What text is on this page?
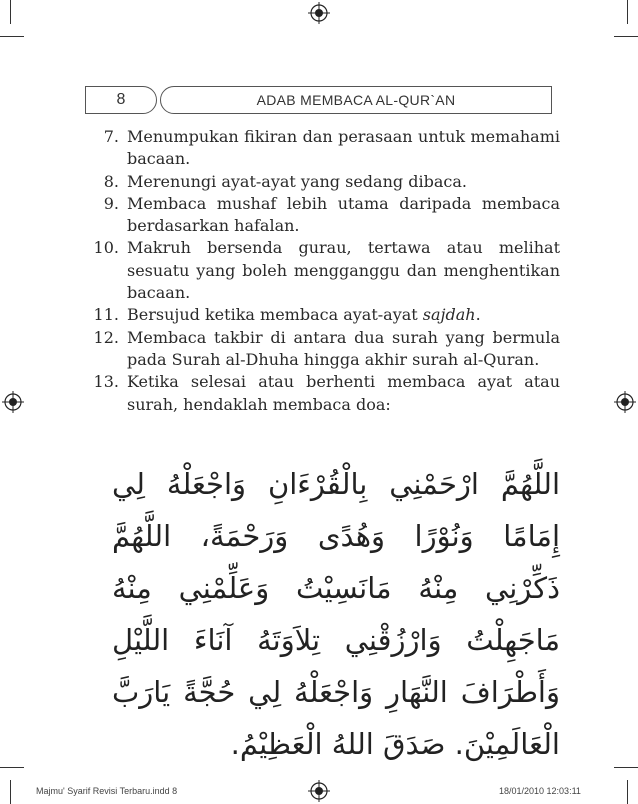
8	ADAB MEMBACA AL-QUR`AN
7. Menumpukan fikiran dan perasaan untuk memahami bacaan.
8. Merenungi ayat-ayat yang sedang dibaca.
9. Membaca mushaf lebih utama daripada membaca berdasarkan hafalan.
10. Makruh bersenda gurau, tertawa atau melihat sesuatu yang boleh mengganggu dan menghentikan bacaan.
11. Bersujud ketika membaca ayat-ayat sajdah.
12. Membaca takbir di antara dua surah yang bermula pada Surah al-Dhuha hingga akhir surah al-Quran.
13. Ketika selesai atau berhenti membaca ayat atau surah, hendaklah membaca doa:
اللَّهُمَّ ارْحَمْنِي بِالْقُرْءَانِ وَاجْعَلْهُ لِي إِمَامًا وَنُوْرًا وَهُدًى وَرَحْمَةً، اللَّهُمَّ ذَكِّرْنِي مِنْهُ مَانَسِيْتُ وَعَلِّمْنِي مِنْهُ مَاجَهِلْتُ وَارْزُقْنِي تِلاَوَتَهُ آنَاءَ اللَّيْلِ وَأَطْرَافَ النَّهَارِ وَاجْعَلْهُ لِي حُجَّةً يَارَبَّ الْعَالَمِيْنَ. صَدَقَ اللهُ الْعَظِيْمُ.
Majmu' Syarif Revisi Terbaru.indd 8	18/01/2010 12:03:11
